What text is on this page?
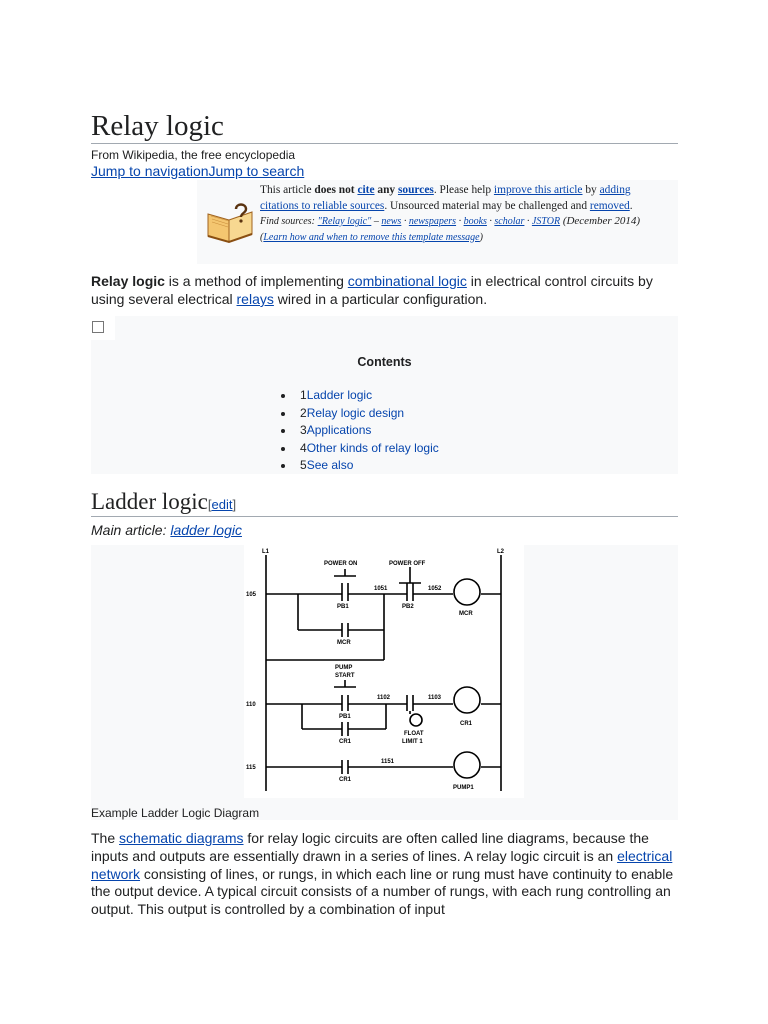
Relay logic
From Wikipedia, the free encyclopedia
Jump to navigationJump to search
This article does not cite any sources. Please help improve this article by adding citations to reliable sources. Unsourced material may be challenged and removed.
Find sources: "Relay logic" – news · newspapers · books · scholar · JSTOR (December 2014) (Learn how and when to remove this template message)
Relay logic is a method of implementing combinational logic in electrical control circuits by using several electrical relays wired in a particular configuration.
Contents
1Ladder logic
2Relay logic design
3Applications
4Other kinds of relay logic
5See also
Ladder logic[edit]
Main article: ladder logic
L1	L2
105
110
115
POWER ON	POWER OFF
1051	1052
PB1	PB2
MCR
MCR
PUMP
START
1102	1103
PB1
CR1
FLOAT
LIMIT 1
CR1
1151
CR1
PUMP1
Example Ladder Logic Diagram
The schematic diagrams for relay logic circuits are often called line diagrams, because the inputs and outputs are essentially drawn in a series of lines. A relay logic circuit is an electrical network consisting of lines, or rungs, in which each line or rung must have continuity to enable the output device. A typical circuit consists of a number of rungs, with each rung controlling an output. This output is controlled by a combination of input
